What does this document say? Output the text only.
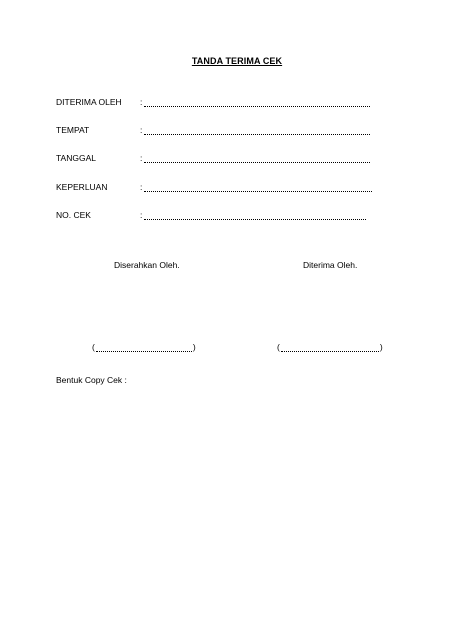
TANDA TERIMA CEK
DITERIMA OLEH :
TEMPAT	:
TANGGAL	:
KEPERLUAN	:
NO. CEK	:
Diserahkan Oleh.	Diterima Oleh.
(	)	(	)
Bentuk Copy Cek :
